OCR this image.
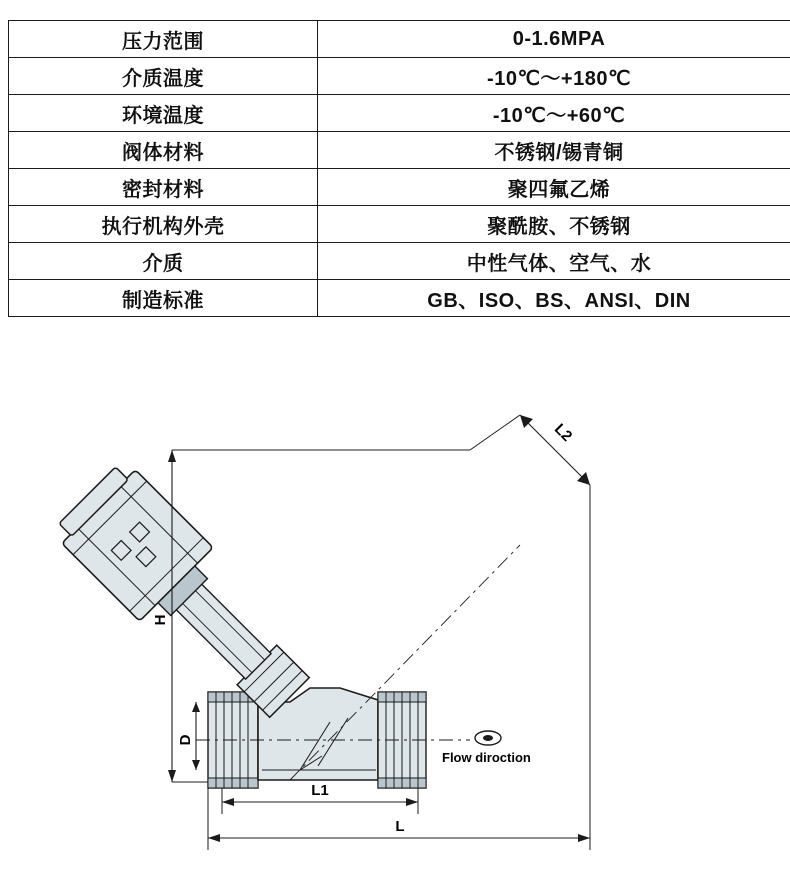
压力范围	0-1.6MPA
介质温度	-10℃～+180℃
环境温度	-10℃～+60℃
阀体材料	不锈钢/锡青铜
密封材料	聚四氟乙烯
执行机构外壳	聚酰胺、不锈钢
介质	中性气体、空气、水
制造标准	GB、ISO、BS、ANSI、DIN
H
L2
D
L1
L
Flow diroction
